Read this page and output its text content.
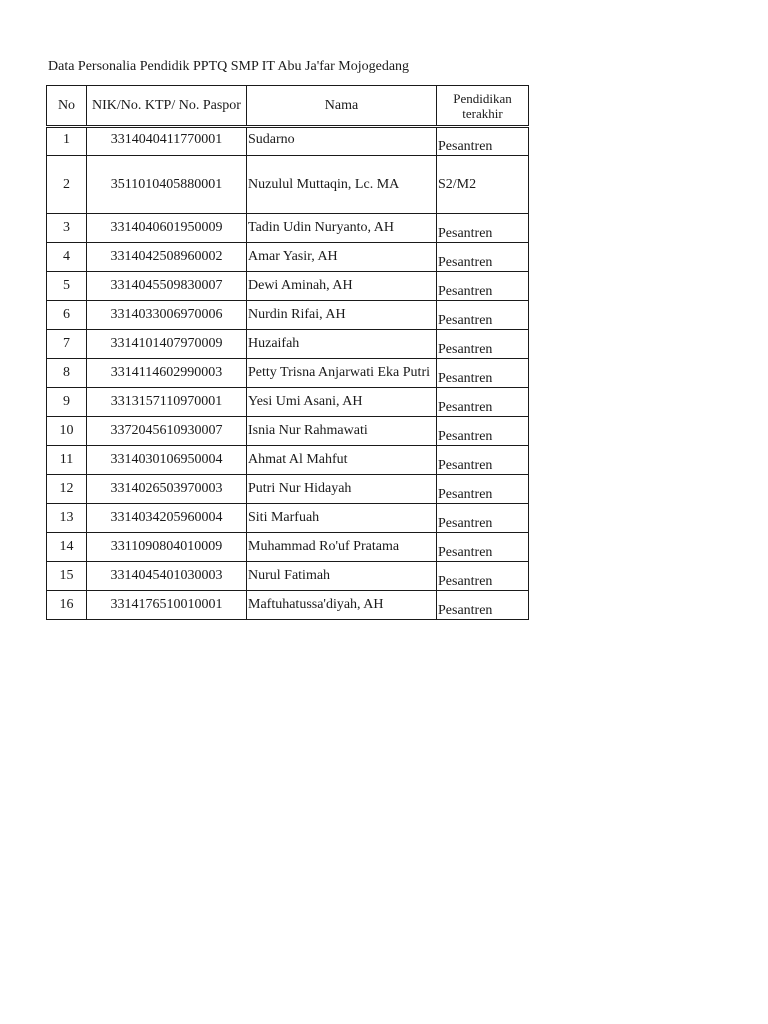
Data Personalia Pendidik PPTQ SMP IT Abu Ja'far Mojogedang
No	NIK/No. KTP/ No. Paspor	Nama	Pendidikan terakhir
1	3314040411770001	Sudarno	Pesantren
2	3511010405880001	Nuzulul Muttaqin, Lc. MA	S2/M2
3	3314040601950009	Tadin Udin Nuryanto, AH	Pesantren
4	3314042508960002	Amar Yasir, AH	Pesantren
5	3314045509830007	Dewi Aminah, AH	Pesantren
6	3314033006970006	Nurdin Rifai, AH	Pesantren
7	3314101407970009	Huzaifah	Pesantren
8	3314114602990003	Petty Trisna Anjarwati Eka Putri	Pesantren
9	3313157110970001	Yesi Umi Asani, AH	Pesantren
10	3372045610930007	Isnia Nur Rahmawati	Pesantren
11	3314030106950004	Ahmat Al Mahfut	Pesantren
12	3314026503970003	Putri Nur Hidayah	Pesantren
13	3314034205960004	Siti Marfuah	Pesantren
14	3311090804010009	Muhammad Ro'uf Pratama	Pesantren
15	3314045401030003	Nurul Fatimah	Pesantren
16	3314176510010001	Maftuhatussa'diyah, AH	Pesantren
